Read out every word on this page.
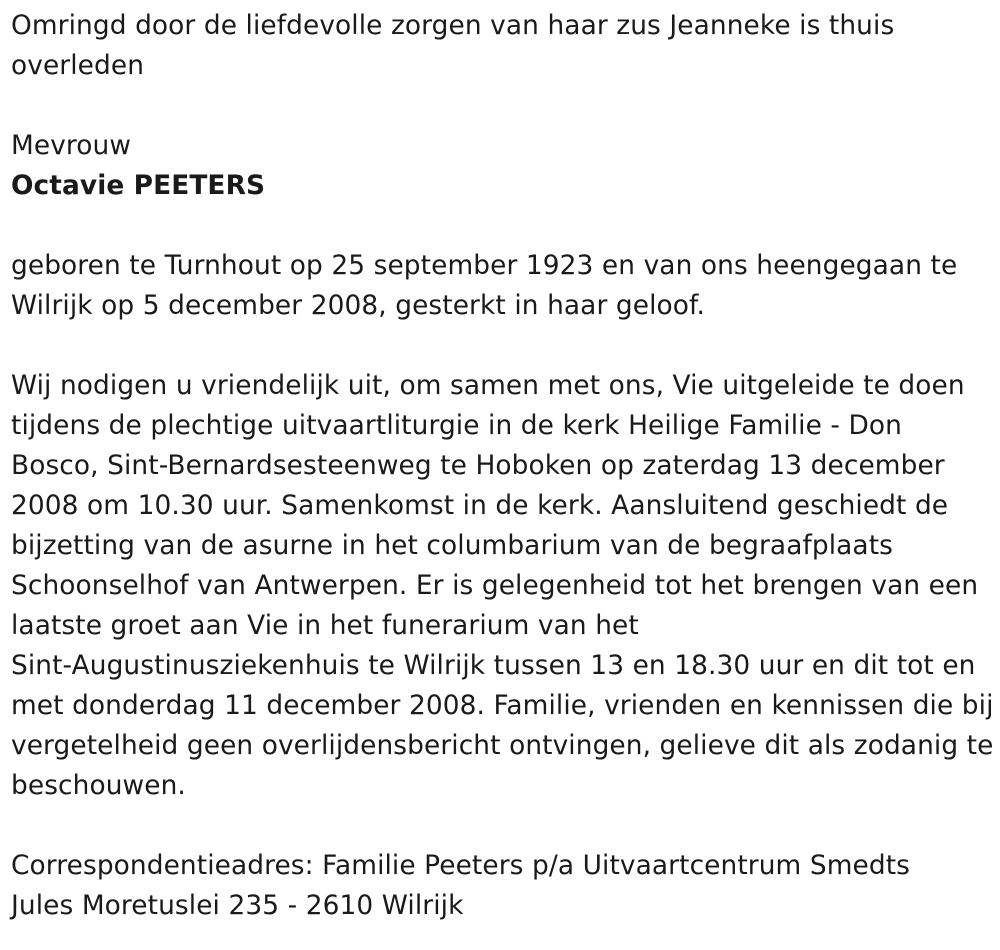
Omringd door de liefdevolle zorgen van haar zus Jeanneke is thuis
overleden

Mevrouw

Octavie PEETERS

geboren te Turnhout op 25 september 1923 en van ons heengegaan te
Wilrijk op 5 december 2008, gesterkt in haar geloof.

Wij nodigen u vriendelijk uit, om samen met ons, Vie uitgeleide te doen
tijdens de plechtige uitvaartliturgie in de kerk Heilige Familie - Don
Bosco, Sint-Bernardsesteenweg te Hoboken op zaterdag 13 december
2008 om 10.30 uur. Samenkomst in de kerk. Aansluitend geschiedt de
bijzetting van de asurne in het columbarium van de begraafplaats
Schoonselhof van Antwerpen. Er is gelegenheid tot het brengen van een
laatste groet aan Vie in het funerarium van het
Sint-Augustinusziekenhuis te Wilrijk tussen 13 en 18.30 uur en dit tot en
met donderdag 11 december 2008. Familie, vrienden en kennissen die bij
vergetelheid geen overlijdensbericht ontvingen, gelieve dit als zodanig te
beschouwen.

Correspondentieadres: Familie Peeters p/a Uitvaartcentrum Smedts
Jules Moretuslei 235 - 2610 Wilrijk
